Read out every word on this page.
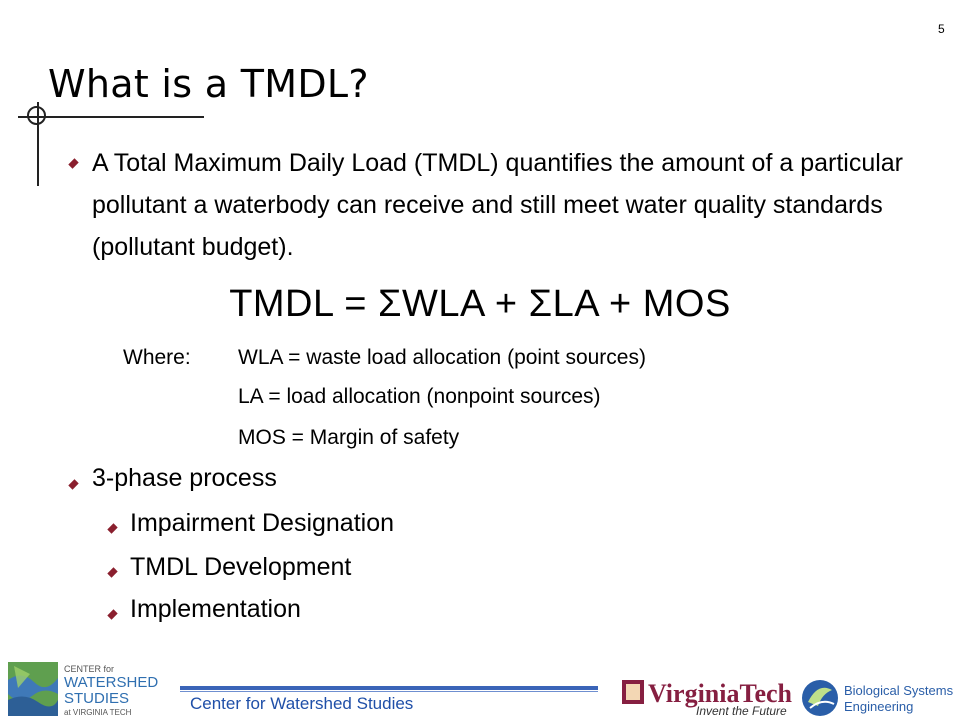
5
What is a TMDL?
A Total Maximum Daily Load (TMDL) quantifies the amount of a particular pollutant a waterbody can receive and still meet water quality standards (pollutant budget).
TMDL = ΣWLA + ΣLA + MOS
Where: WLA = waste load allocation (point sources)
LA = load allocation (nonpoint sources)
MOS = Margin of safety
3-phase process
Impairment Designation
TMDL Development
Implementation
CENTER for
WATERSHED
STUDIES
at VIRGINIA TECH	Center for Watershed Studies	VirginiaTech
Invent the Future
Biological Systems
Engineering
